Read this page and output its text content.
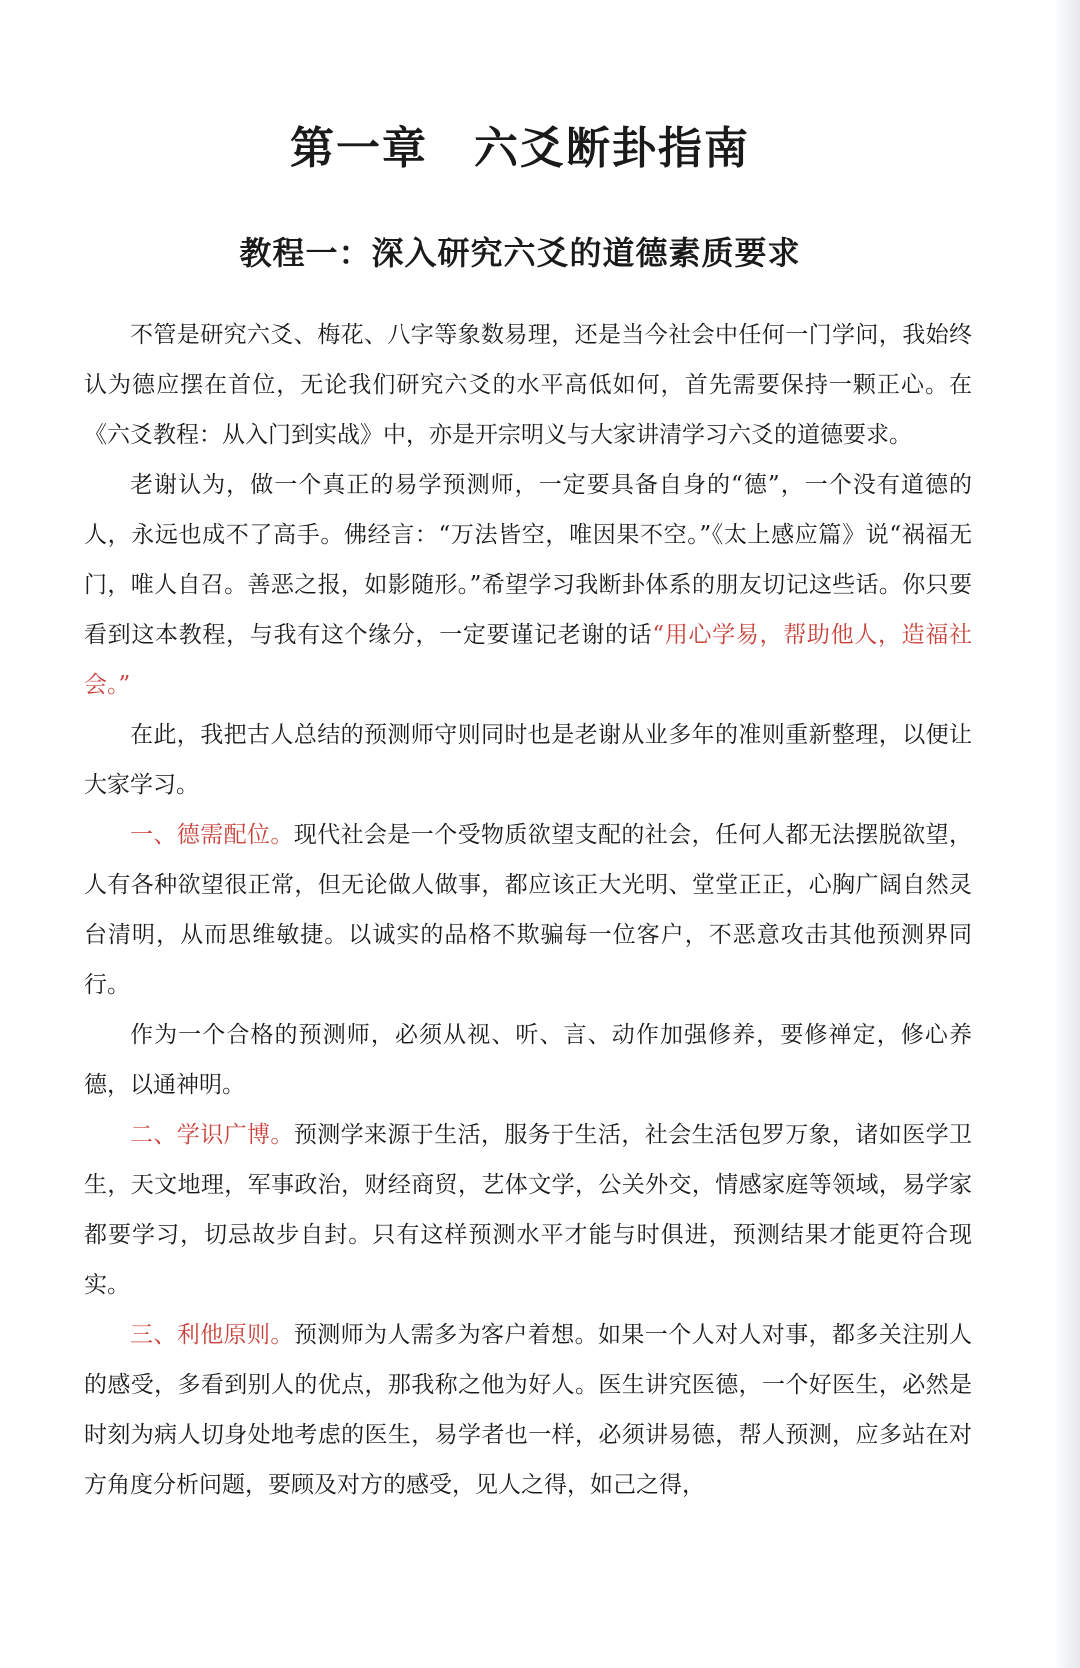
第一章　六爻断卦指南
教程一：深入研究六爻的道德素质要求

不管是研究六爻、梅花、八字等象数易理，还是当今社会中任何一门学问，我始终认为德应摆在首位，无论我们研究六爻的水平高低如何，首先需要保持一颗正心。在《六爻教程：从入门到实战》中，亦是开宗明义与大家讲清学习六爻的道德要求。

老谢认为，做一个真正的易学预测师，一定要具备自身的“德”，一个没有道德的人，永远也成不了高手。佛经言：“万法皆空，唯因果不空。”《太上感应篇》说“祸福无门，唯人自召。善恶之报，如影随形。”希望学习我断卦体系的朋友切记这些话。你只要看到这本教程，与我有这个缘分，一定要谨记老谢的话“用心学易，帮助他人，造福社会。”

在此，我把古人总结的预测师守则同时也是老谢从业多年的准则重新整理，以便让大家学习。

一、德需配位。现代社会是一个受物质欲望支配的社会，任何人都无法摆脱欲望，人有各种欲望很正常，但无论做人做事，都应该正大光明、堂堂正正，心胸广阔自然灵台清明，从而思维敏捷。以诚实的品格不欺骗每一位客户，不恶意攻击其他预测界同行。

作为一个合格的预测师，必须从视、听、言、动作加强修养，要修禅定，修心养德，以通神明。

二、学识广博。预测学来源于生活，服务于生活，社会生活包罗万象，诸如医学卫生，天文地理，军事政治，财经商贸，艺体文学，公关外交，情感家庭等领域，易学家都要学习，切忌故步自封。只有这样预测水平才能与时俱进，预测结果才能更符合现实。

三、利他原则。预测师为人需多为客户着想。如果一个人对人对事，都多关注别人的感受，多看到别人的优点，那我称之他为好人。医生讲究医德，一个好医生，必然是时刻为病人切身处地考虑的医生，易学者也一样，必须讲易德，帮人预测，应多站在对方角度分析问题，要顾及对方的感受，见人之得，如己之得，
